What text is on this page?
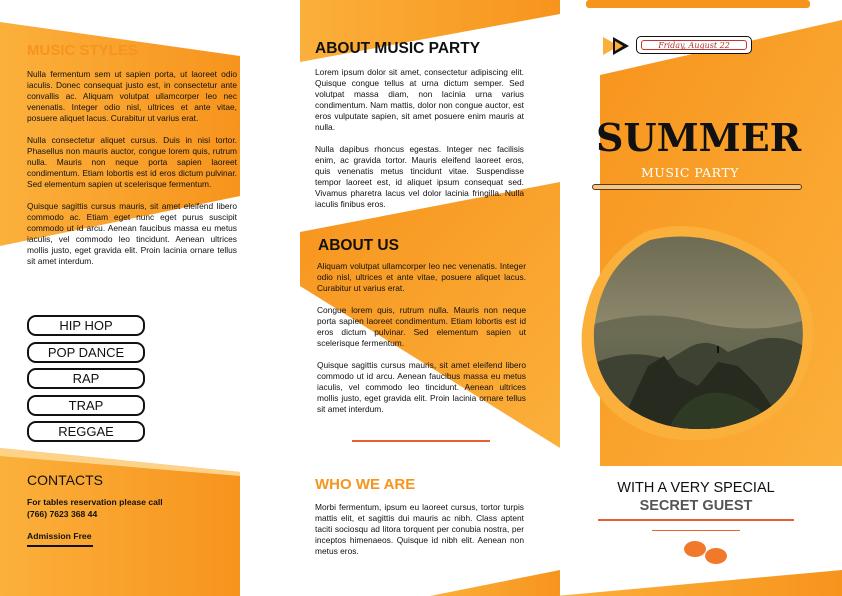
MUSIC STYLES

Nulla fermentum sem ut sapien porta, ut laoreet odio iaculis. Donec consequat justo est, in consectetur ante convallis ac. Aliquam volutpat ullamcorper leo nec venenatis. Integer odio nisl, ultrices et ante vitae, posuere aliquet lacus. Curabitur ut varius erat.

Nulla consectetur aliquet cursus. Duis in nisi tortor. Phasellus non mauris auctor, congue lorem quis, rutrum nulla. Mauris non neque porta sapien laoreet condimentum. Etiam lobortis est id eros dictum pulvinar. Sed elementum sapien ut scelerisque fermentum.

Quisque sagittis cursus mauris, sit amet eleifend libero commodo ac. Etiam eget nunc eget purus suscipit commodo ut id arcu. Aenean faucibus massa eu metus iaculis, vel commodo leo tincidunt. Aenean ultrices mollis justo, eget gravida elit. Proin lacinia ornare tellus sit amet interdum.

HIP HOP
POP DANCE
RAP
TRAP
REGGAE
CONTACTS
For tables reservation please call
(766) 7623 368 44
Admission Free
ABOUT MUSIC PARTY

Lorem ipsum dolor sit amet, consectetur adipiscing elit. Quisque congue tellus at urna dictum semper. Sed volutpat massa diam, non lacinia urna varius condimentum. Nam mattis, dolor non congue auctor, est eros vulputate sapien, sit amet posuere enim mauris at nulla.

Nulla dapibus rhoncus egestas. Integer nec facilisis enim, ac gravida tortor. Mauris eleifend laoreet eros, quis venenatis metus tincidunt vitae. Suspendisse tempor laoreet est, id aliquet ipsum consequat sed. Vivamus pharetra lacus vel dolor lacinia fringilla. Nulla iaculis finibus eros.

ABOUT US

Aliquam volutpat ullamcorper leo nec venenatis. Integer odio nisl, ultrices et ante vitae, posuere aliquet lacus. Curabitur ut varius erat.

Congue lorem quis, rutrum nulla. Mauris non neque porta sapien laoreet condimentum. Etiam lobortis est id eros dictum pulvinar. Sed elementum sapien ut scelerisque fermentum.

Quisque sagittis cursus mauris, sit amet eleifend libero commodo ut id arcu. Aenean faucibus massa eu metus iaculis, vel commodo leo tincidunt. Aenean ultrices mollis justo, eget gravida elit. Proin lacinia ornare tellus sit amet interdum.

WHO WE ARE

Morbi fermentum, ipsum eu laoreet cursus, tortor turpis mattis elit, et sagittis dui mauris ac nibh. Class aptent taciti sociosqu ad litora torquent per conubia nostra, per inceptos himenaeos. Quisque id nibh elit. Aenean non metus eros.

Friday, August 22
SUMMER
MUSIC PARTY
WITH A VERY SPECIAL
SECRET GUEST
